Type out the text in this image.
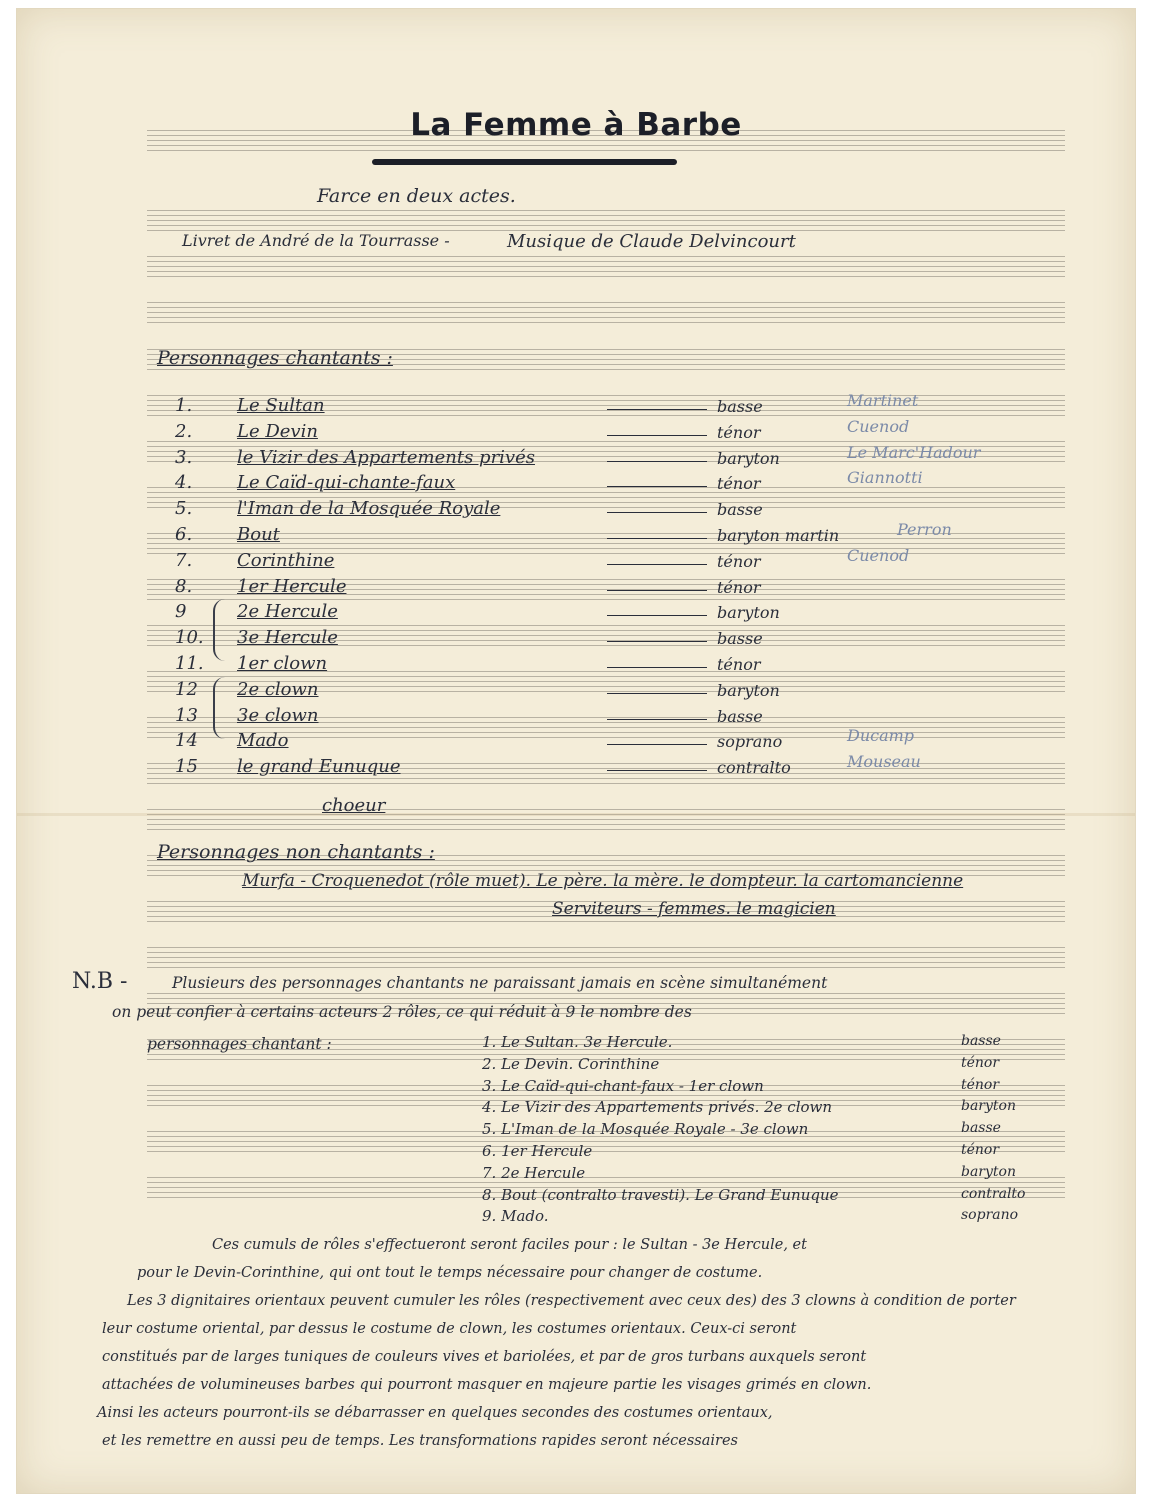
La Femme à Barbe
Farce en deux actes.
Livret de André de la Tourrasse -	Musique de Claude Delvincourt
Personnages chantants :
1. Le Sultan	basse	Martinet
2. Le Devin	ténor	Cuenod
3. le Vizir des Appartements privés	baryton	Le Marc'Hadour
4. Le Caïd-qui-chante-faux	ténor	Giannotti
5. l'Iman de la Mosquée Royale	basse
6. Bout	baryton martin	Perron
7. Corinthine	ténor	Cuenod
8. 1er Hercule	ténor
9	2e Hercule	baryton
10. 3e Hercule	basse
11. 1er clown	ténor
12 2e clown	baryton
13 3e clown	basse
14 Mado	soprano	Ducamp
15 le grand Eunuque	contralto	Mouseau
choeur
Personnages non chantants :
Murfa - Croquenedot (rôle muet). Le père. la mère. le dompteur. la cartomancienne
Serviteurs - femmes. le magicien
N.B -	Plusieurs des personnages chantants ne paraissant jamais en scène simultanément
on peut confier à certains acteurs 2 rôles, ce qui réduit à 9 le nombre des
personnages chantant :	1. Le Sultan. 3e Hercule.	basse
2. Le Devin. Corinthine	ténor
3. Le Caïd-qui-chant-faux - 1er clown	ténor
4. Le Vizir des Appartements privés. 2e clown	baryton
5. L'Iman de la Mosquée Royale - 3e clown	basse
6. 1er Hercule	ténor
7. 2e Hercule	baryton
8. Bout (contralto travesti). Le Grand Eunuque	contralto
9. Mado.	soprano
Ces cumuls de rôles s'effectueront seront faciles pour : le Sultan - 3e Hercule, et
pour le Devin-Corinthine, qui ont tout le temps nécessaire pour changer de costume.
Les 3 dignitaires orientaux peuvent cumuler les rôles (respectivement avec ceux des) des 3 clowns à condition de porter
leur costume oriental, par dessus le costume de clown, les costumes orientaux. Ceux-ci seront
constitués par de larges tuniques de couleurs vives et bariolées, et par de gros turbans auxquels seront
attachées de volumineuses barbes qui pourront masquer en majeure partie les visages grimés en clown.
Ainsi les acteurs pourront-ils se débarrasser en quelques secondes des costumes orientaux,
et les remettre en aussi peu de temps. Les transformations rapides seront nécessaires
